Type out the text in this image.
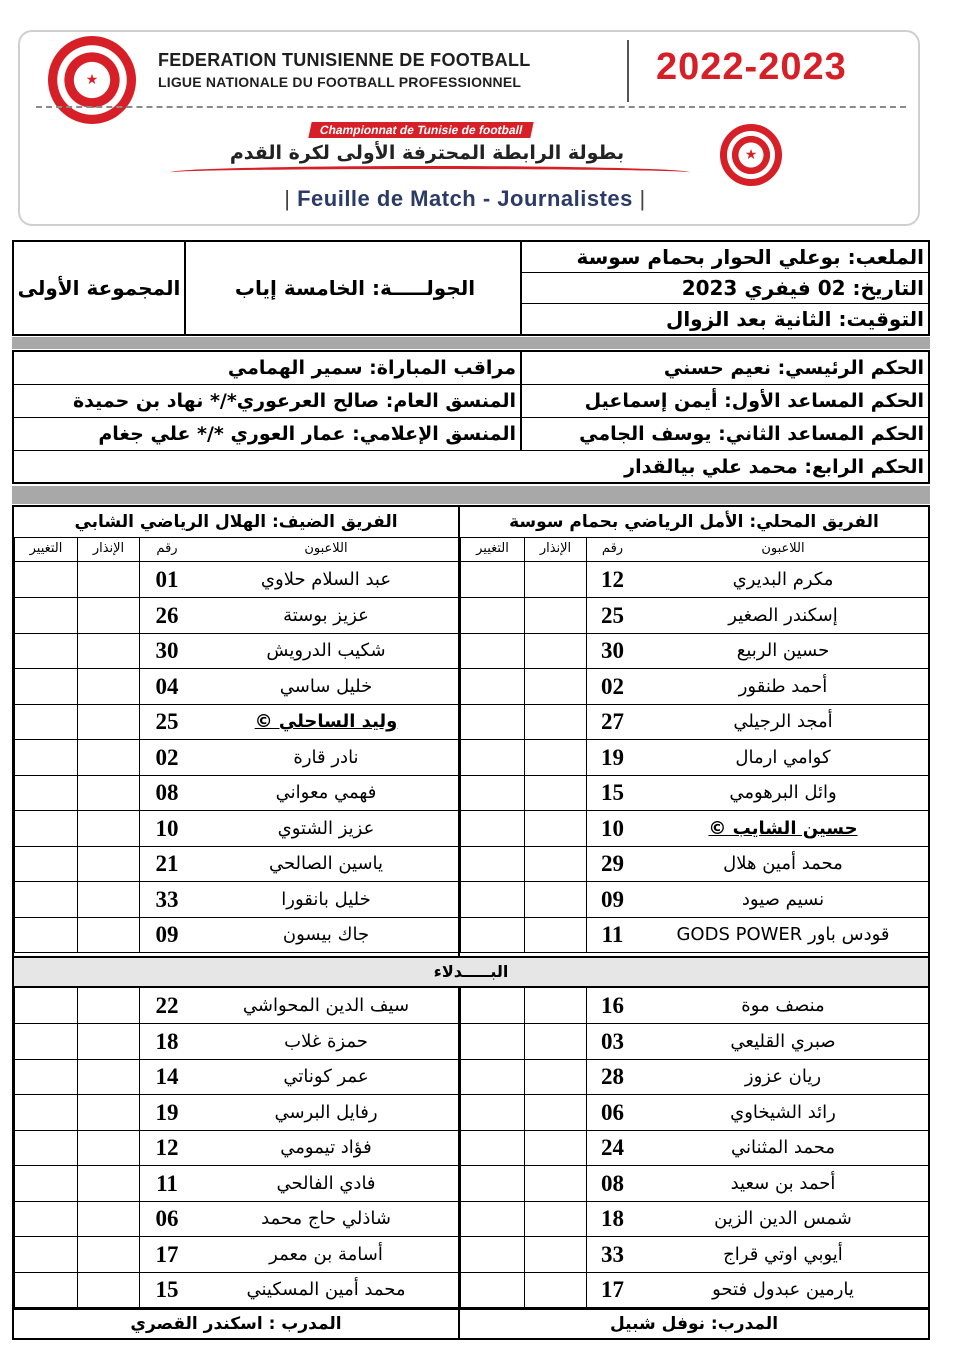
★
FEDERATION TUNISIENNE DE FOOTBALL
LIGUE NATIONALE DU FOOTBALL PROFESSIONNEL	2022-2023
Championnat de Tunisie de football
بطولة الرابطة المحترفة الأولى لكرة القدم	★
| Feuille de Match - Journalistes |
الملعب: بوعلي الحوار بحمام سوسة
التاريخ: 02 فيفري 2023
التوقيت: الثانية بعد الزوال
الجولـــــة: الخامسة إياب
المجموعة الأولى
الحكم الرئيسي: نعيم حسني
مراقب المباراة: سمير الهمامي
الحكم المساعد الأول: أيمن إسماعيل
المنسق العام: صالح العرعوري*/* نهاد بن حميدة
الحكم المساعد الثاني: يوسف الجامي
المنسق الإعلامي: عمار العوري */* علي جغام
الحكم الرابع: محمد علي بيالقدار
الفريق المحلي: الأمل الرياضي بحمام سوسة
اللاعبون
رقم
الإنذار
التغيير
مكرم البديري
12
إسكندر الصغير
25
حسين الربيع
30
أحمد طنقور
02
أمجد الرجيلي
27
كوامي ارمال
19
وائل البرهومي
15
حسين الشايب ©
10
محمد أمين هلال
29
نسيم صيود
09
قودس باور GODS POWER
11
منصف موة
16
صبري القليعي
03
ريان عزوز
28
رائد الشيخاوي
06
محمد المثناني
24
أحمد بن سعيد
08
شمس الدين الزين
18
أيوبي اوتي قراج
33
يارمين عبدول فتحو
17
المدرب: نوفل شبيل
الفريق الضيف: الهلال الرياضي الشابي
اللاعبون
رقم
الإنذار
التغيير
عبد السلام حلاوي
01
عزيز بوستة
26
شكيب الدرويش
30
خليل ساسي
04
وليد الساحلي ©
25
نادر قارة
02
فهمي معواني
08
عزيز الشتوي
10
ياسين الصالحي
21
خليل بانقورا
33
جاك بيسون
09
سيف الدين المحواشي
22
حمزة غلاب
18
عمر كوناتي
14
رفايل البرسي
19
فؤاد تيمومي
12
فادي الفالحي
11
شاذلي حاج محمد
06
أسامة بن معمر
17
محمد أمين المسكيني
15
المدرب : اسكندر القصري
البـــــدلاء
